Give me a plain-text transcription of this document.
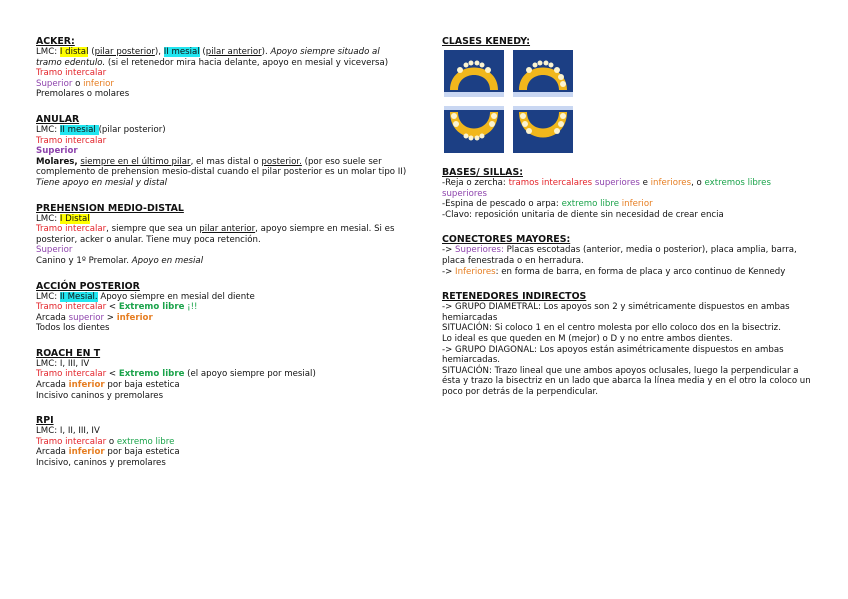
ACKER:

LMC: I distal (pilar posterior), II mesial (pilar anterior). Apoyo siempre situado al tramo edentulo. (si el retenedor mira hacia delante, apoyo en mesial y viceversa)

Tramo intercalar

Superior o inferior

Premolares o molares

ANULAR

LMC: II mesial (pilar posterior)

Tramo intercalar

Superior

Molares, siempre en el último pilar, el mas distal o posterior. (por eso suele ser complemento de prehension mesio-distal cuando el pilar posterior es un molar tipo II) Tiene apoyo en mesial y distal

PREHENSION MEDIO-DISTAL

LMC: I Distal

Tramo intercalar, siempre que sea un pilar anterior, apoyo siempre en mesial. Si es posterior, acker o anular. Tiene muy poca retención.

Superior

Canino y 1º Premolar. Apoyo en mesial

ACCIÓN POSTERIOR

LMC: II Mesial. Apoyo siempre en mesial del diente

Tramo intercalar < Extremo libre ¡!!

Arcada superior > inferior

Todos los dientes

ROACH EN T

LMC: I, III, IV

Tramo intercalar < Extremo libre (el apoyo siempre por mesial)

Arcada inferior por baja estetica

Incisivo caninos y premolares

RPI

LMC: I, II, III, IV

Tramo intercalar o extremo libre

Arcada inferior por baja estetica

Incisivo, caninos y premolares

CLASES KENEDY:

BASES/ SILLAS:

-Reja o zercha: tramos intercalares superiores e inferiores, o extremos libres superiores

-Espina de pescado o arpa: extremo libre inferior

-Clavo: reposición unitaria de diente sin necesidad de crear encia

CONECTORES MAYORES:

-> Superiores: Placas escotadas (anterior, media o posterior), placa amplia, barra, placa fenestrada o en herradura.

-> Inferiores: en forma de barra, en forma de placa y arco continuo de Kennedy

RETENEDORES INDIRECTOS

-> GRUPO DIAMETRAL: Los apoyos son 2 y simétricamente dispuestos en ambas hemiarcadas

SITUACIÓN: Si coloco 1 en el centro molesta por ello coloco dos en la bisectriz.

Lo ideal es que queden en M (mejor) o D y no entre ambos dientes.

-> GRUPO DIAGONAL: Los apoyos están asimétricamente dispuestos en ambas hemiarcadas.

SITUACIÓN: Trazo lineal que une ambos apoyos oclusales, luego la perpendicular a ésta y trazo la bisectriz en un lado que abarca la línea media y en el otro la coloco un poco por detrás de la perpendicular.
